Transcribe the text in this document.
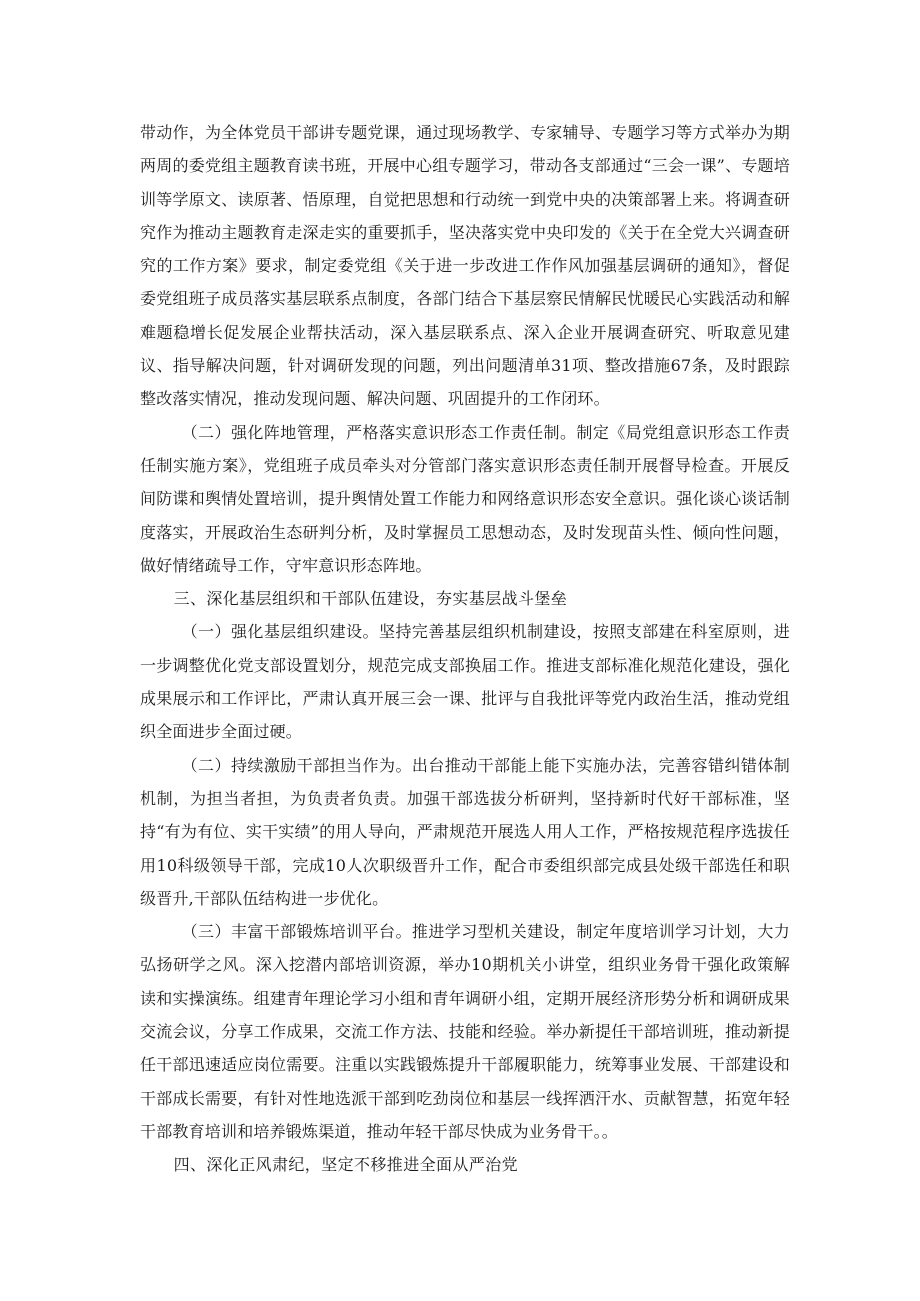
带动作，为全体党员干部讲专题党课，通过现场教学、专家辅导、专题学习等方式举办为期两周的委党组主题教育读书班，开展中心组专题学习，带动各支部通过“三会一课”、专题培训等学原文、读原著、悟原理，自觉把思想和行动统一到党中央的决策部署上来。将调查研究作为推动主题教育走深走实的重要抓手，坚决落实党中央印发的《关于在全党大兴调查研究的工作方案》要求，制定委党组《关于进一步改进工作作风加强基层调研的通知》，督促委党组班子成员落实基层联系点制度，各部门结合下基层察民情解民忧暖民心实践活动和解难题稳增长促发展企业帮扶活动，深入基层联系点、深入企业开展调查研究、听取意见建议、指导解决问题，针对调研发现的问题，列出问题清单31项、整改措施67条，及时跟踪整改落实情况，推动发现问题、解决问题、巩固提升的工作闭环。

（二）强化阵地管理，严格落实意识形态工作责任制。制定《局党组意识形态工作责任制实施方案》，党组班子成员牵头对分管部门落实意识形态责任制开展督导检查。开展反间防谍和舆情处置培训，提升舆情处置工作能力和网络意识形态安全意识。强化谈心谈话制度落实，开展政治生态研判分析，及时掌握员工思想动态，及时发现苗头性、倾向性问题，做好情绪疏导工作，守牢意识形态阵地。

三、深化基层组织和干部队伍建设，夯实基层战斗堡垒

（一）强化基层组织建设。坚持完善基层组织机制建设，按照支部建在科室原则，进一步调整优化党支部设置划分，规范完成支部换届工作。推进支部标准化规范化建设，强化成果展示和工作评比，严肃认真开展三会一课、批评与自我批评等党内政治生活，推动党组织全面进步全面过硬。

（二）持续激励干部担当作为。出台推动干部能上能下实施办法，完善容错纠错体制机制，为担当者担，为负责者负责。加强干部选拔分析研判，坚持新时代好干部标准，坚持“有为有位、实干实绩”的用人导向，严肃规范开展选人用人工作，严格按规范程序选拔任用10科级领导干部，完成10人次职级晋升工作，配合市委组织部完成县处级干部选任和职级晋升,干部队伍结构进一步优化。

（三）丰富干部锻炼培训平台。推进学习型机关建设，制定年度培训学习计划，大力弘扬研学之风。深入挖潜内部培训资源，举办10期机关小讲堂，组织业务骨干强化政策解读和实操演练。组建青年理论学习小组和青年调研小组，定期开展经济形势分析和调研成果交流会议，分享工作成果，交流工作方法、技能和经验。举办新提任干部培训班，推动新提任干部迅速适应岗位需要。注重以实践锻炼提升干部履职能力，统筹事业发展、干部建设和干部成长需要，有针对性地选派干部到吃劲岗位和基层一线挥洒汗水、贡献智慧，拓宽年轻干部教育培训和培养锻炼渠道，推动年轻干部尽快成为业务骨干。。

四、深化正风肃纪，坚定不移推进全面从严治党
